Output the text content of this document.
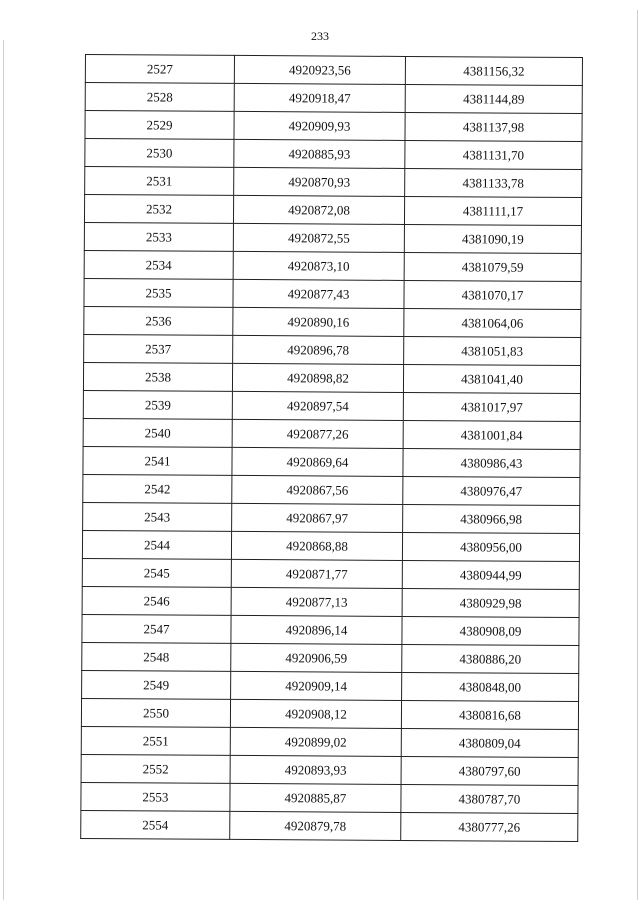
233
2527	4920923,56	4381156,32
2528	4920918,47	4381144,89
2529	4920909,93	4381137,98
2530	4920885,93	4381131,70
2531	4920870,93	4381133,78
2532	4920872,08	4381111,17
2533	4920872,55	4381090,19
2534	4920873,10	4381079,59
2535	4920877,43	4381070,17
2536	4920890,16	4381064,06
2537	4920896,78	4381051,83
2538	4920898,82	4381041,40
2539	4920897,54	4381017,97
2540	4920877,26	4381001,84
2541	4920869,64	4380986,43
2542	4920867,56	4380976,47
2543	4920867,97	4380966,98
2544	4920868,88	4380956,00
2545	4920871,77	4380944,99
2546	4920877,13	4380929,98
2547	4920896,14	4380908,09
2548	4920906,59	4380886,20
2549	4920909,14	4380848,00
2550	4920908,12	4380816,68
2551	4920899,02	4380809,04
2552	4920893,93	4380797,60
2553	4920885,87	4380787,70
2554	4920879,78	4380777,26
